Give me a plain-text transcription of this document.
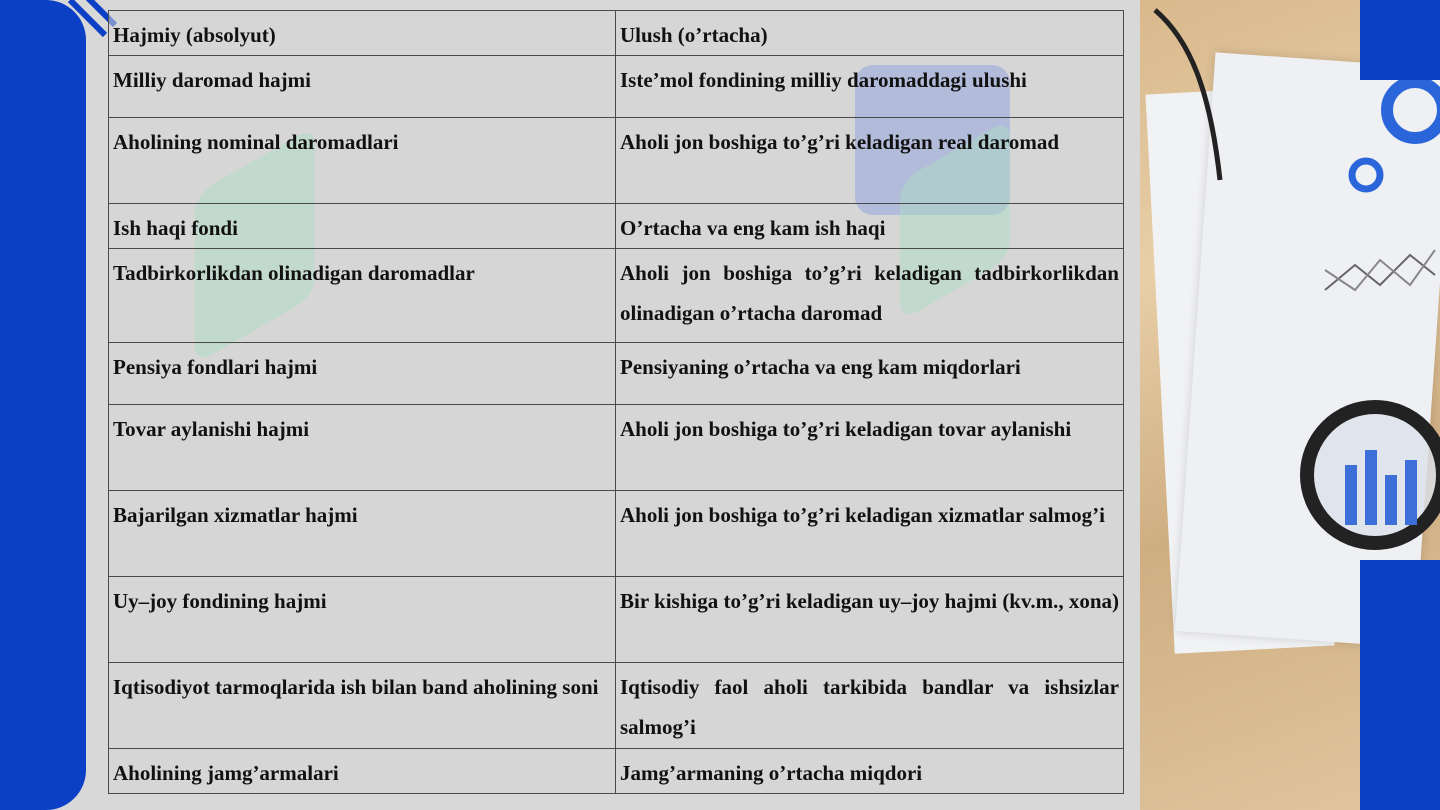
Hajmiy (absolyut)	Ulush (o’rtacha)
Milliy daromad hajmi	Iste’mol fondining milliy daromaddagi ulushi
Aholining nominal daromadlari	Aholi jon boshiga to’g’ri keladigan real daromad
Ish haqi fondi	O’rtacha va eng kam ish haqi
Tadbirkorlikdan olinadigan daromadlar	Aholi jon boshiga to’g’ri keladigan tadbirkorlikdan olinadigan o’rtacha daromad
Pensiya fondlari hajmi	Pensiyaning o’rtacha va eng kam miqdorlari
Tovar aylanishi hajmi	Aholi jon boshiga to’g’ri keladigan tovar aylanishi
Bajarilgan xizmatlar hajmi	Aholi jon boshiga to’g’ri keladigan xizmatlar salmog’i
Uy–joy fondining hajmi	Bir kishiga to’g’ri keladigan uy–joy hajmi (kv.m., xona)
Iqtisodiyot tarmoqlarida ish bilan band aholining soni	Iqtisodiy faol aholi tarkibida bandlar va ishsizlar salmog’i
Aholining jamg’armalari	Jamg’armaning o’rtacha miqdori
